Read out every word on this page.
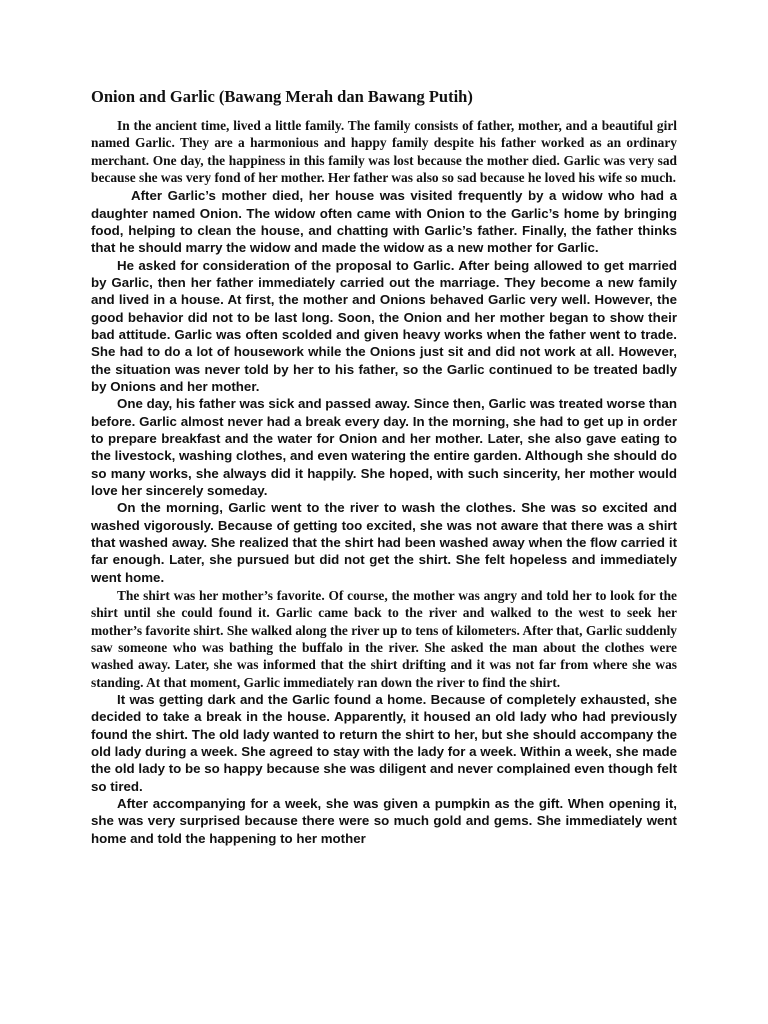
Onion and Garlic (Bawang Merah dan Bawang Putih)

In the ancient time, lived a little family. The family consists of father, mother, and a beautiful girl named Garlic. They are a harmonious and happy family despite his father worked as an ordinary merchant. One day, the happiness in this family was lost because the mother died. Garlic was very sad because she was very fond of her mother. Her father was also so sad because he loved his wife so much.

After Garlic’s mother died, her house was visited frequently by a widow who had a daughter named Onion. The widow often came with Onion to the Garlic’s home by bringing food, helping to clean the house, and chatting with Garlic’s father. Finally, the father thinks that he should marry the widow and made the widow as a new mother for Garlic.

He asked for consideration of the proposal to Garlic. After being allowed to get married by Garlic, then her father immediately carried out the marriage. They become a new family and lived in a house. At first, the mother and Onions behaved Garlic very well. However, the good behavior did not to be last long. Soon, the Onion and her mother began to show their bad attitude. Garlic was often scolded and given heavy works when the father went to trade. She had to do a lot of housework while the Onions just sit and did not work at all. However, the situation was never told by her to his father, so the Garlic continued to be treated badly by Onions and her mother.

One day, his father was sick and passed away. Since then, Garlic was treated worse than before. Garlic almost never had a break every day. In the morning, she had to get up in order to prepare breakfast and the water for Onion and her mother. Later, she also gave eating to the livestock, washing clothes, and even watering the entire garden. Although she should do so many works, she always did it happily. She hoped, with such sincerity, her mother would love her sincerely someday.

On the morning, Garlic went to the river to wash the clothes. She was so excited and washed vigorously. Because of getting too excited, she was not aware that there was a shirt that washed away. She realized that the shirt had been washed away when the flow carried it far enough. Later, she pursued but did not get the shirt. She felt hopeless and immediately went home.

The shirt was her mother’s favorite. Of course, the mother was angry and told her to look for the shirt until she could found it. Garlic came back to the river and walked to the west to seek her mother’s favorite shirt. She walked along the river up to tens of kilometers. After that, Garlic suddenly saw someone who was bathing the buffalo in the river. She asked the man about the clothes were washed away. Later, she was informed that the shirt drifting and it was not far from where she was standing. At that moment, Garlic immediately ran down the river to find the shirt.

It was getting dark and the Garlic found a home. Because of completely exhausted, she decided to take a break in the house. Apparently, it housed an old lady who had previously found the shirt. The old lady wanted to return the shirt to her, but she should accompany the old lady during a week. She agreed to stay with the lady for a week. Within a week, she made the old lady to be so happy because she was diligent and never complained even though felt so tired.

After accompanying for a week, she was given a pumpkin as the gift. When opening it, she was very surprised because there were so much gold and gems. She immediately went home and told the happening to her mother
